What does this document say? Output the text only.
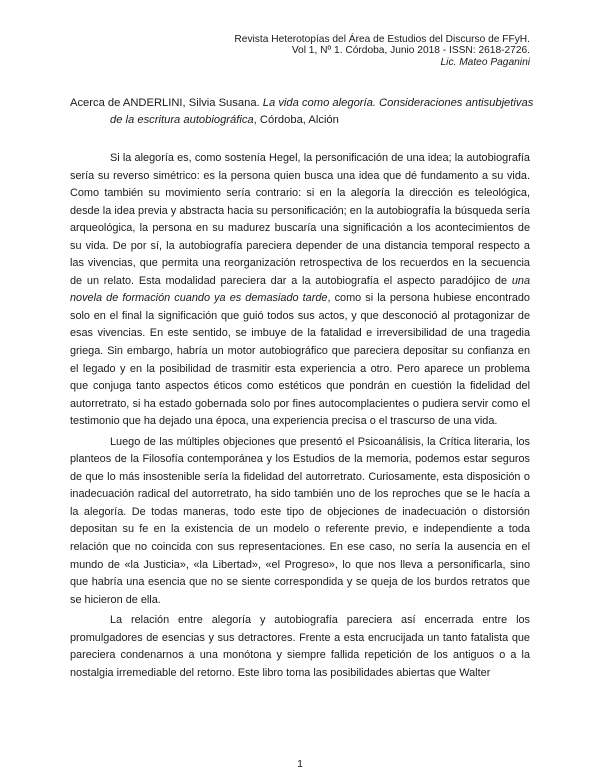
Revista Heterotopías del Área de Estudios del Discurso de FFyH.
Vol 1, Nº 1. Córdoba, Junio 2018 - ISSN: 2618-2726.
Lic. Mateo Paganini
Acerca de ANDERLINI, Silvia Susana. La vida como alegoría. Consideraciones antisubjetivas
de la escritura autobiográfica, Córdoba, Alción

Si la alegoría es, como sostenía Hegel, la personificación de una idea; la autobiografía sería su reverso simétrico: es la persona quien busca una idea que dé fundamento a su vida. Como también su movimiento sería contrario: si en la alegoría la dirección es teleológica, desde la idea previa y abstracta hacia su personificación; en la autobiografía la búsqueda sería arqueológica, la persona en su madurez buscaría una significación a los acontecimientos de su vida. De por sí, la autobiografía pareciera depender de una distancia temporal respecto a las vivencias, que permita una reorganización retrospectiva de los recuerdos en la secuencia de un relato. Esta modalidad pareciera dar a la autobiografía el aspecto paradójico de una novela de formación cuando ya es demasiado tarde, como si la persona hubiese encontrado solo en el final la significación que guió todos sus actos, y que desconoció al protagonizar de esas vivencias. En este sentido, se imbuye de la fatalidad e irreversibilidad de una tragedia griega. Sin embargo, habría un motor autobiográfico que pareciera depositar su confianza en el legado y en la posibilidad de trasmitir esta experiencia a otro. Pero aparece un problema que conjuga tanto aspectos éticos como estéticos que pondrán en cuestión la fidelidad del autorretrato, si ha estado gobernada solo por fines autocomplacientes o pudiera servir como el testimonio que ha dejado una época, una experiencia precisa o el trascurso de una vida.

Luego de las múltiples objeciones que presentó el Psicoanálisis, la Crítica literaria, los planteos de la Filosofía contemporánea y los Estudios de la memoria, podemos estar seguros de que lo más insostenible sería la fidelidad del autorretrato. Curiosamente, esta disposición o inadecuación radical del autorretrato, ha sido también uno de los reproches que se le hacía a la alegoría. De todas maneras, todo este tipo de objeciones de inadecuación o distorsión depositan su fe en la existencia de un modelo o referente previo, e independiente a toda relación que no coincida con sus representaciones. En ese caso, no sería la ausencia en el mundo de «la Justicia», «la Libertad», «el Progreso», lo que nos lleva a personificarla, sino que habría una esencia que no se siente correspondida y se queja de los burdos retratos que se hicieron de ella.

La relación entre alegoría y autobiografía pareciera así encerrada entre los promulgadores de esencias y sus detractores. Frente a esta encrucijada un tanto fatalista que pareciera condenarnos a una monótona y siempre fallida repetición de los antiguos o a la nostalgia irremediable del retorno. Este libro toma las posibilidades abiertas que Walter

1
